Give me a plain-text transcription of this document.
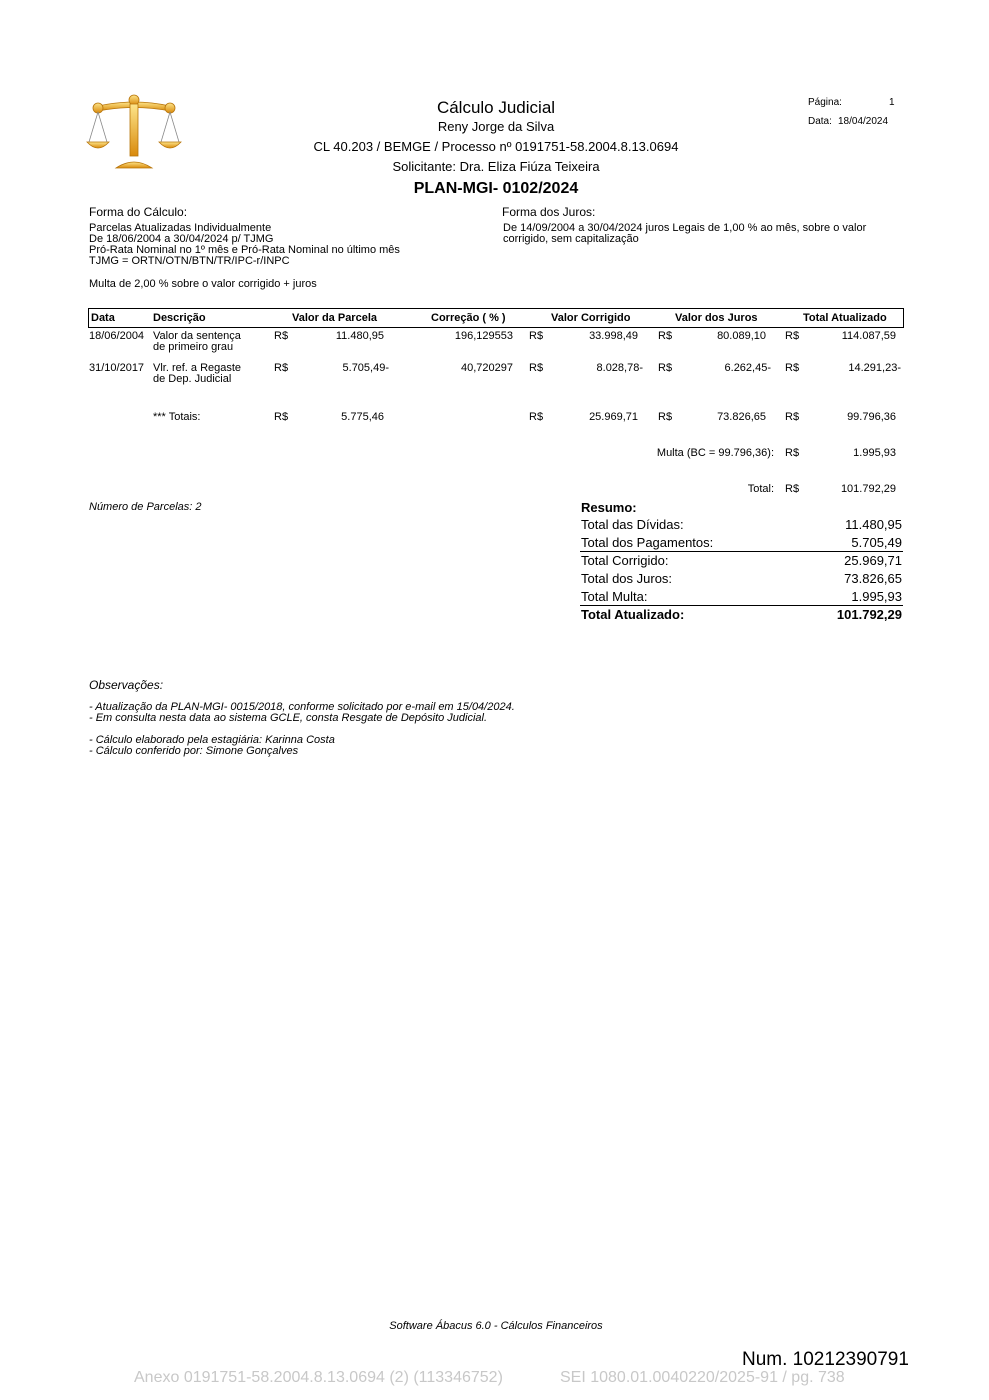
Cálculo Judicial
Reny Jorge da Silva
CL 40.203 / BEMGE / Processo nº 0191751-58.2004.8.13.0694
Solicitante: Dra. Eliza Fiúza Teixeira
PLAN-MGI- 0102/2024
Página:	1
Data: 18/04/2024
Forma do Cálculo:
Parcelas Atualizadas Individualmente
De 18/06/2004 a 30/04/2024 p/ TJMG
Pró-Rata Nominal no 1º mês e Pró-Rata Nominal no último mês
TJMG = ORTN/OTN/BTN/TR/IPC-r/INPC
Multa de 2,00 % sobre o valor corrigido + juros
Forma dos Juros:
De 14/09/2004 a 30/04/2024 juros Legais de 1,00 % ao mês, sobre o valor
corrigido, sem capitalização
Data	Descrição	Valor da Parcela	Correção ( % )	Valor Corrigido	Valor dos Juros	Total Atualizado
18/06/2004 Valor da sentença
de primeiro grau
R$	11.480,95	196,129553 R$	33.998,49 R$	80.089,10 R$	114.087,59
31/10/2017 Vlr. ref. a Regaste
de Dep. Judicial
R$	5.705,49-	40,720297 R$	8.028,78- R$	6.262,45- R$	14.291,23-
*** Totais:	R$	5.775,46	R$	25.969,71 R$	73.826,65 R$	99.796,36
Multa (BC = 99.796,36): R$	1.995,93
Total: R$	101.792,29
Número de Parcelas: 2	Resumo:
Total das Dívidas:	11.480,95
Total dos Pagamentos:	5.705,49
Total Corrigido:	25.969,71
Total dos Juros:	73.826,65
Total Multa:	1.995,93
Total Atualizado:	101.792,29
Observações:
- Atualização da PLAN-MGI- 0015/2018, conforme solicitado por e-mail em 15/04/2024.
- Em consulta nesta data ao sistema GCLE, consta Resgate de Depósito Judicial.
- Cálculo elaborado pela estagiária: Karinna Costa
- Cálculo conferido por: Simone Gonçalves
Software Ábacus 6.0 - Cálculos Financeiros
Num. 10212390791
Anexo 0191751-58.2004.8.13.0694 (2) (113346752)	SEI 1080.01.0040220/2025-91 / pg. 738
